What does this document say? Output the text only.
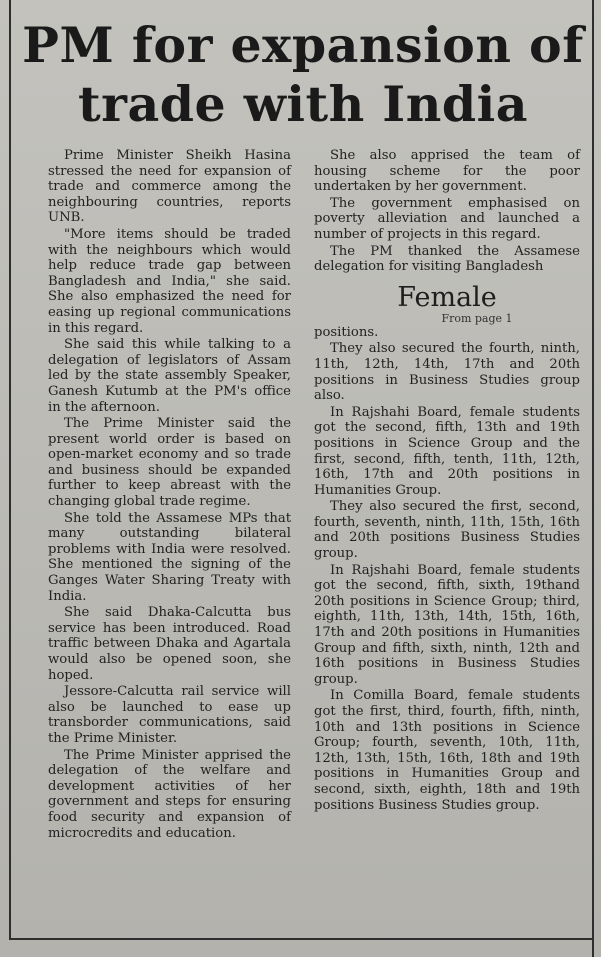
PM for expansion of trade with India

Prime Minister Sheikh Hasina stressed the need for expansion of trade and commerce among the neighbouring countries, reports UNB.

"More items should be traded with the neighbours which would help reduce trade gap between Bangladesh and India," she said. She also emphasized the need for easing up regional communications in this regard.

She said this while talking to a delegation of legislators of Assam led by the state assembly Speaker, Ganesh Kutumb at the PM's office in the afternoon.

The Prime Minister said the present world order is based on open-market economy and so trade and business should be expanded further to keep abreast with the changing global trade regime.

She told the Assamese MPs that many outstanding bilateral problems with India were resolved. She mentioned the signing of the Ganges Water Sharing Treaty with India.

She said Dhaka-Calcutta bus service has been introduced. Road traffic between Dhaka and Agartala would also be opened soon, she hoped.

Jessore-Calcutta rail service will also be launched to ease up transborder communications, said the Prime Minister.

The Prime Minister apprised the delegation of the welfare and development activities of her government and steps for ensuring food security and expansion of microcredits and education.

She also apprised the team of housing scheme for the poor undertaken by her government.

The government emphasised on poverty alleviation and launched a number of projects in this regard.

The PM thanked the Assamese delegation for visiting Bangladesh

Female
From page 1

positions.

They also secured the fourth, ninth, 11th, 12th, 14th, 17th and 20th positions in Business Studies group also.

In Rajshahi Board, female students got the second, fifth, 13th and 19th positions in Science Group and the first, second, fifth, tenth, 11th, 12th, 16th, 17th and 20th positions in Humanities Group.

They also secured the first, second, fourth, seventh, ninth, 11th, 15th, 16th and 20th positions Business Studies group.

In Rajshahi Board, female students got the second, fifth, sixth, 19thand 20th positions in Science Group; third, eighth, 11th, 13th, 14th, 15th, 16th, 17th and 20th positions in Humanities Group and fifth, sixth, ninth, 12th and 16th positions in Business Studies group.

In Comilla Board, female students got the first, third, fourth, fifth, ninth, 10th and 13th positions in Science Group; fourth, seventh, 10th, 11th, 12th, 13th, 15th, 16th, 18th and 19th positions in Humanities Group and second, sixth, eighth, 18th and 19th positions Business Studies group.
